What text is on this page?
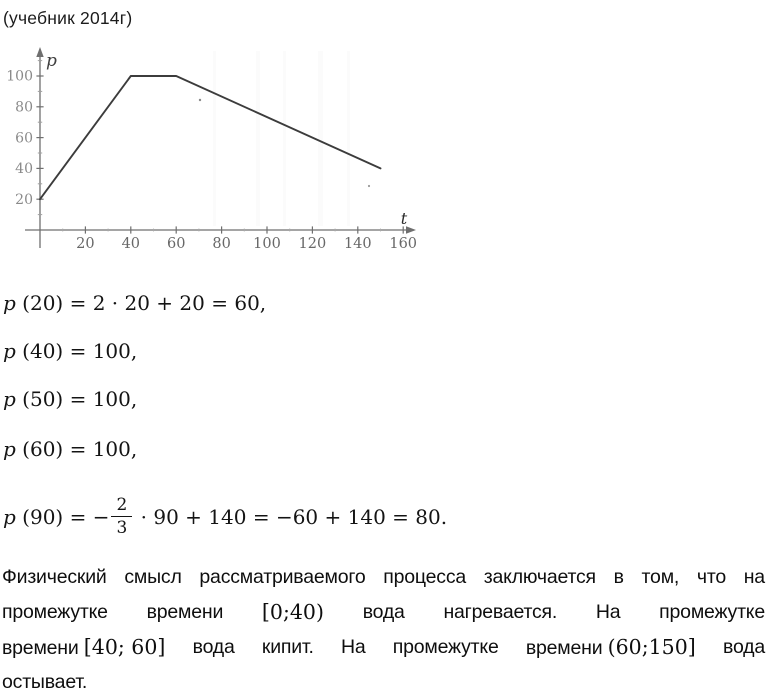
(учебник 2014г)
20 40 60 80 100 120 140 160
20
40
60
80
100
p
t
p (20) = 2 · 20 + 20 = 60,
p (40) = 100,
p (50) = 100,
p (60) = 100,
p (90) = − $\frac{2}{3} \cdot 90 + 140 = -60 + 140 = 80$.
Физический смысл рассматриваемого процесса заключается в том, что на
промежутке времени [0;40) вода нагревается. На промежутке
времени [40; 60] вода кипит. На промежутке времени (60;150] вода
остывает.
